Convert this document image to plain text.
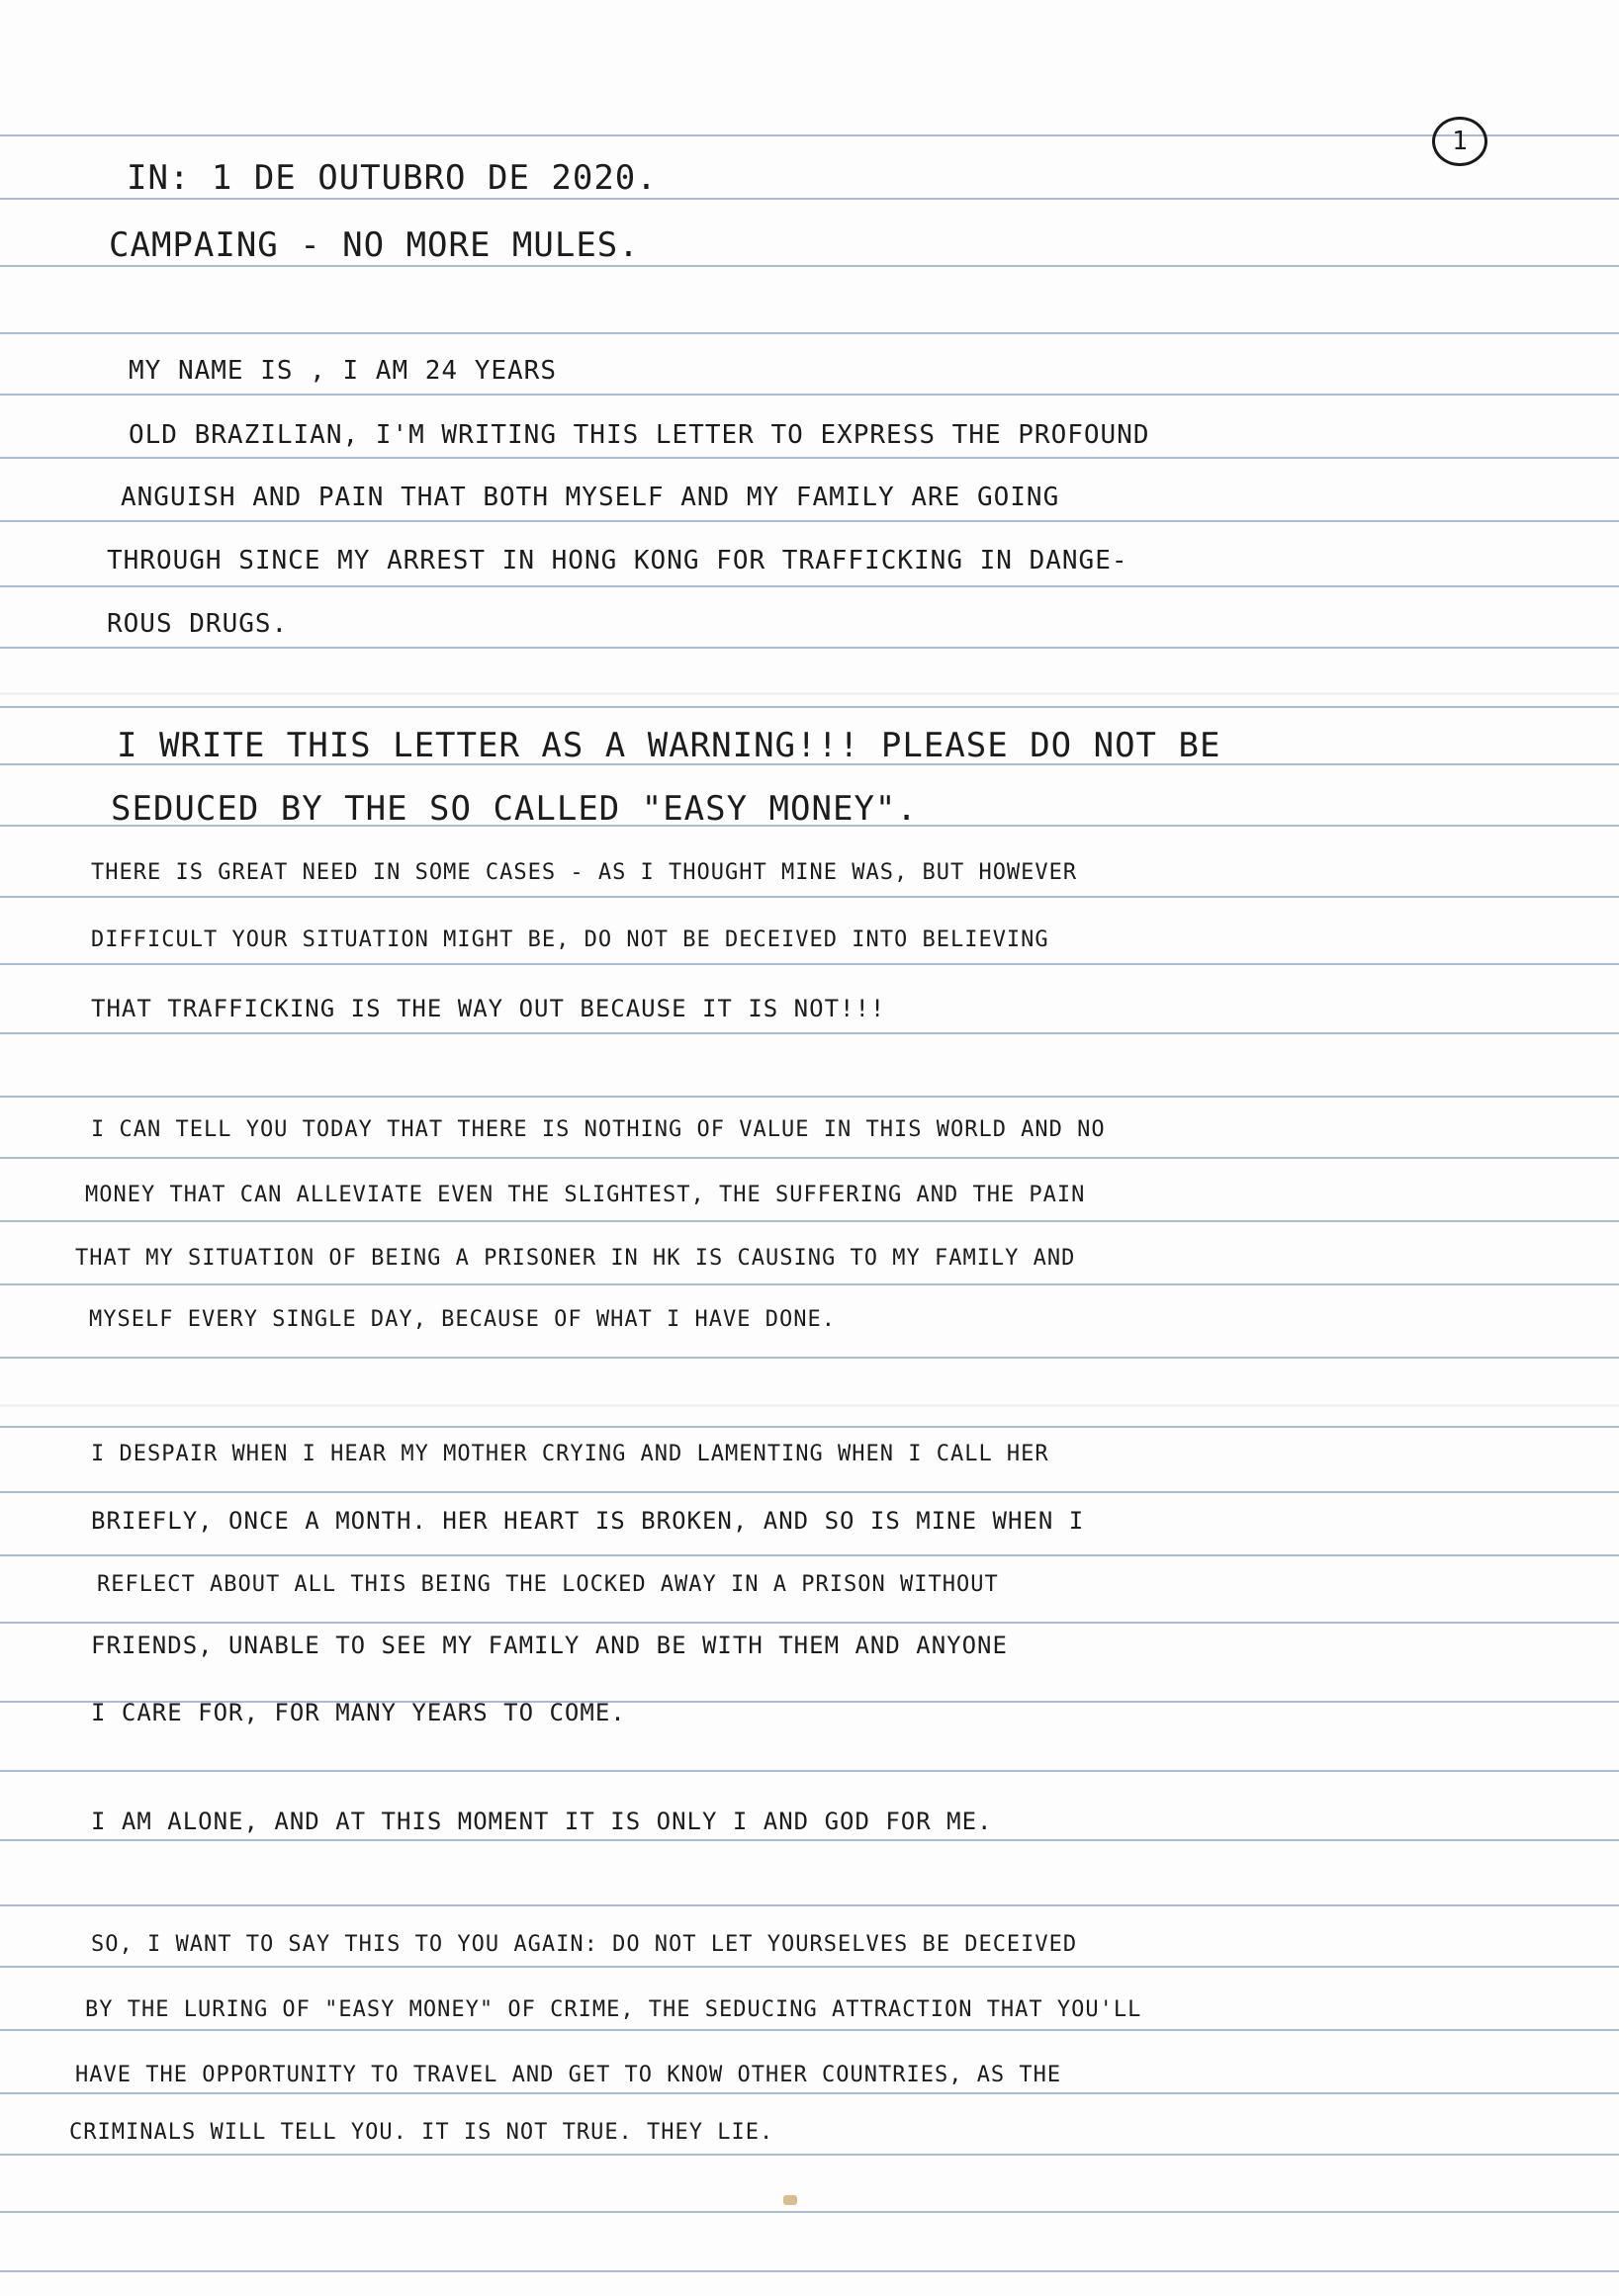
1
IN: 1 DE OUTUBRO DE 2020.
CAMPAING - NO MORE MULES.
MY NAME IS , I AM 24 YEARS
OLD BRAZILIAN, I'M WRITING THIS LETTER TO EXPRESS THE PROFOUND
ANGUISH AND PAIN THAT BOTH MYSELF AND MY FAMILY ARE GOING
THROUGH SINCE MY ARREST IN HONG KONG FOR TRAFFICKING IN DANGE-
ROUS DRUGS.
I WRITE THIS LETTER AS A WARNING!!! PLEASE DO NOT BE
SEDUCED BY THE SO CALLED "EASY MONEY".
THERE IS GREAT NEED IN SOME CASES - AS I THOUGHT MINE WAS, BUT HOWEVER
DIFFICULT YOUR SITUATION MIGHT BE, DO NOT BE DECEIVED INTO BELIEVING
THAT TRAFFICKING IS THE WAY OUT BECAUSE IT IS NOT!!!
I CAN TELL YOU TODAY THAT THERE IS NOTHING OF VALUE IN THIS WORLD AND NO
MONEY THAT CAN ALLEVIATE EVEN THE SLIGHTEST, THE SUFFERING AND THE PAIN
THAT MY SITUATION OF BEING A PRISONER IN HK IS CAUSING TO MY FAMILY AND
MYSELF EVERY SINGLE DAY, BECAUSE OF WHAT I HAVE DONE.
I DESPAIR WHEN I HEAR MY MOTHER CRYING AND LAMENTING WHEN I CALL HER
BRIEFLY, ONCE A MONTH. HER HEART IS BROKEN, AND SO IS MINE WHEN I
REFLECT ABOUT ALL THIS BEING THE LOCKED AWAY IN A PRISON WITHOUT
FRIENDS, UNABLE TO SEE MY FAMILY AND BE WITH THEM AND ANYONE
I CARE FOR, FOR MANY YEARS TO COME.
I AM ALONE, AND AT THIS MOMENT IT IS ONLY I AND GOD FOR ME.
SO, I WANT TO SAY THIS TO YOU AGAIN: DO NOT LET YOURSELVES BE DECEIVED
BY THE LURING OF "EASY MONEY" OF CRIME, THE SEDUCING ATTRACTION THAT YOU'LL
HAVE THE OPPORTUNITY TO TRAVEL AND GET TO KNOW OTHER COUNTRIES, AS THE
CRIMINALS WILL TELL YOU. IT IS NOT TRUE. THEY LIE.
